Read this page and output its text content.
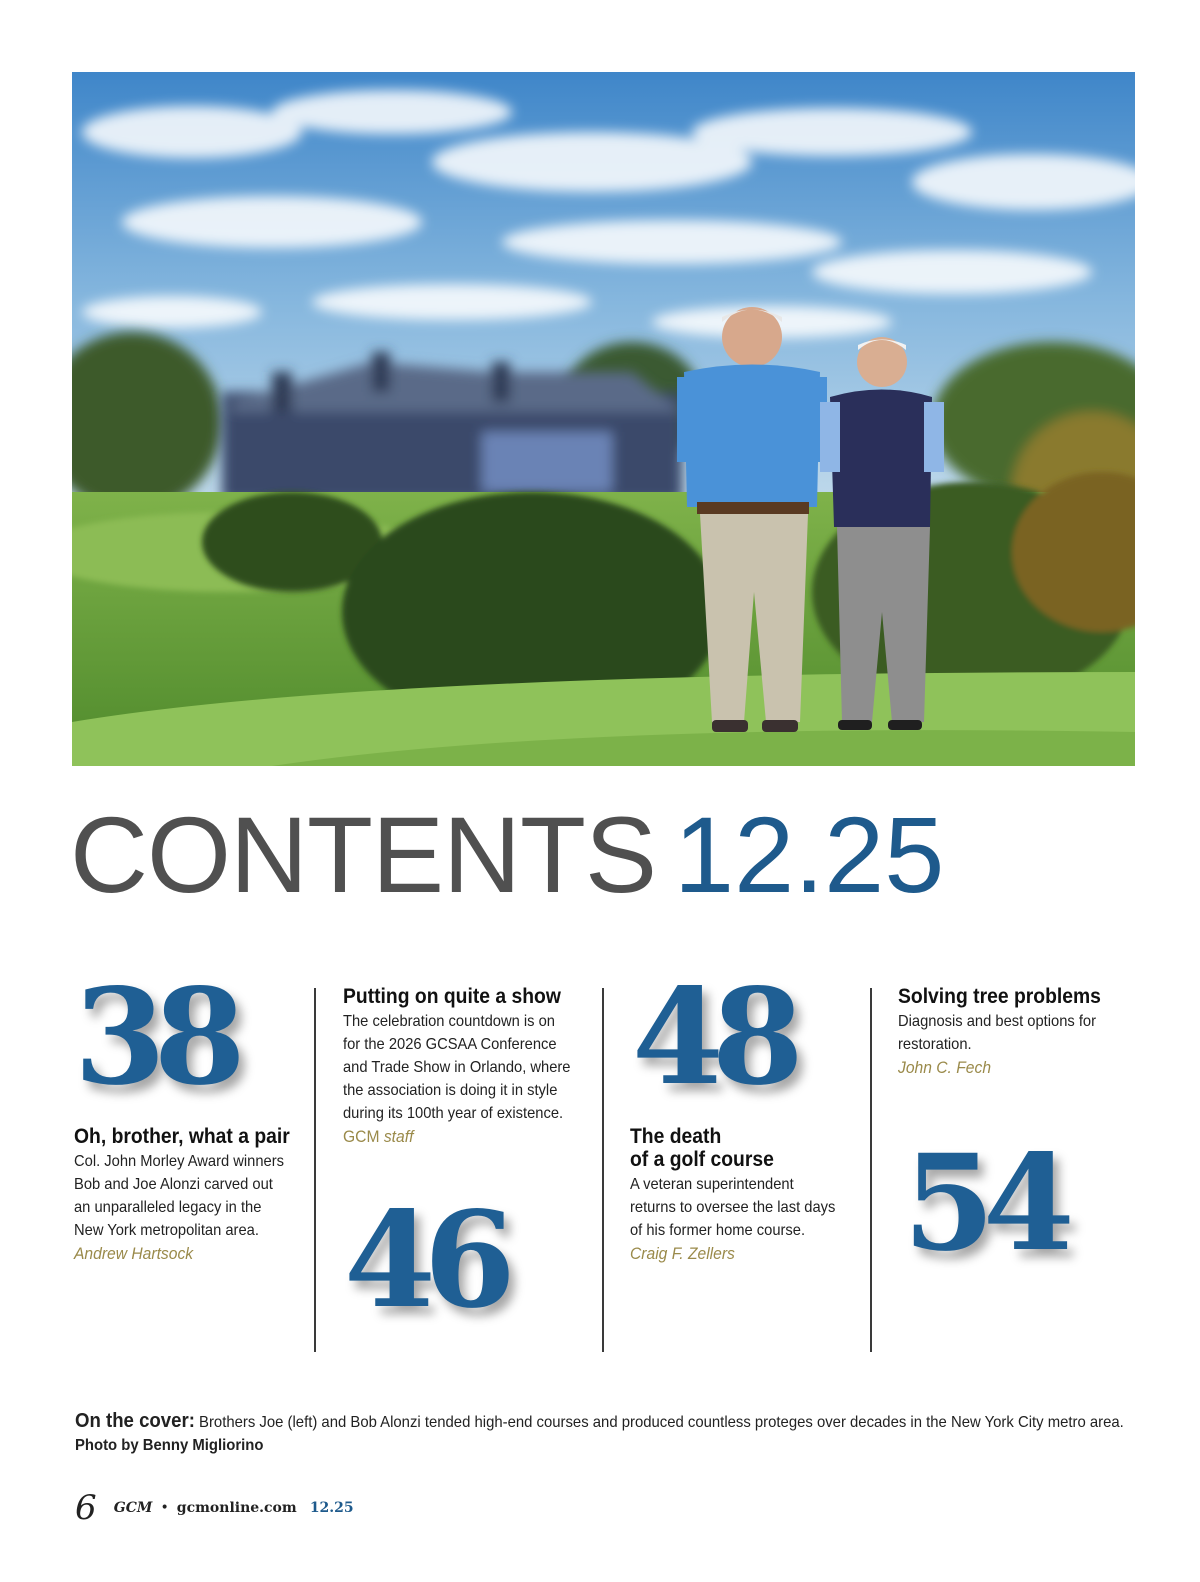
CONTENTS 12.25
38
Oh, brother, what a pair

Col. John Morley Award winners
Bob and Joe Alonzi carved out
an unparalleled legacy in the
New York metropolitan area.

Andrew Hartsock
Putting on quite a show

The celebration countdown is on
for the 2026 GCSAA Conference
and Trade Show in Orlando, where
the association is doing it in style
during its 100th year of existence.

GCM staff
46
48
The death
of a golf course

A veteran superintendent
returns to oversee the last days
of his former home course.

Craig F. Zellers
Solving tree problems

Diagnosis and best options for
restoration.

John C. Fech
54
On the cover: Brothers Joe (left) and Bob Alonzi tended high-end courses and produced countless proteges over decades in the New York City metro area.
Photo by Benny Migliorino
6 GCM • gcmonline.com 12.25
